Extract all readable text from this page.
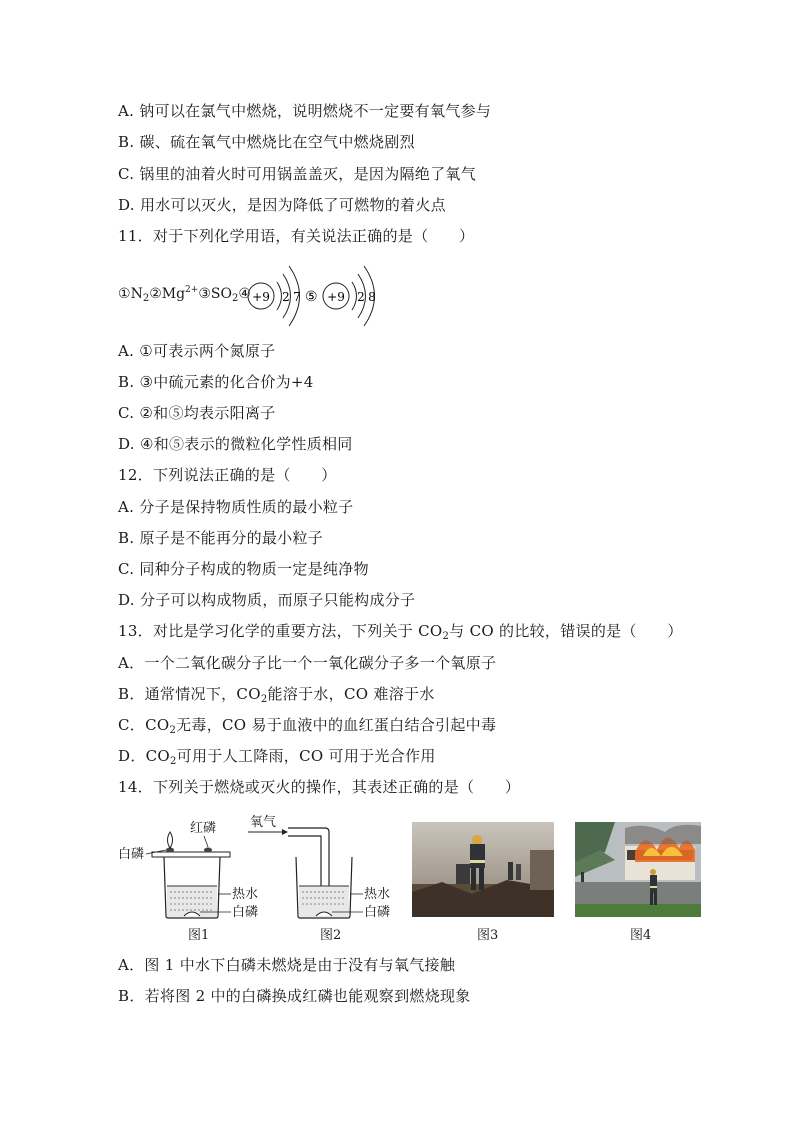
A. 钠可以在氯气中燃烧，说明燃烧不一定要有氧气参与
B. 碳、硫在氧气中燃烧比在空气中燃烧剧烈
C. 锅里的油着火时可用锅盖盖灭，是因为隔绝了氧气
D. 用水可以灭火，是因为降低了可燃物的着火点
11．对于下列化学用语，有关说法正确的是（　　）
$①N_2②Mg^{2+}③SO_2④ +9$ 2 7 ⑤ +9 2 8
A. ①可表示两个氮原子
B. ③中硫元素的化合价为+4
C. ②和⑤均表示阳离子
D. ④和⑤表示的微粒化学性质相同
12．下列说法正确的是（　　）
A. 分子是保持物质性质的最小粒子
B. 原子是不能再分的最小粒子
C. 同种分子构成的物质一定是纯净物
D. 分子可以构成物质，而原子只能构成分子
13．对比是学习化学的重要方法，下列关于 $CO_2$与 CO 的比较，错误的是（　　）
A．一个二氧化碳分子比一个一氧化碳分子多一个氧原子
B．通常情况下，$CO_2$能溶于水，CO 难溶于水
C．$CO_2$无毒，CO 易于血液中的血红蛋白结合引起中毒
D．$CO_2$可用于人工降雨，CO 可用于光合作用
14．下列关于燃烧或灭火的操作，其表述正确的是（　　）
白磷
红磷
热水
白磷
图1
氧气
热水
白磷
图2	图3	图4
A．图 1 中水下白磷未燃烧是由于没有与氧气接触
B．若将图 2 中的白磷换成红磷也能观察到燃烧现象
